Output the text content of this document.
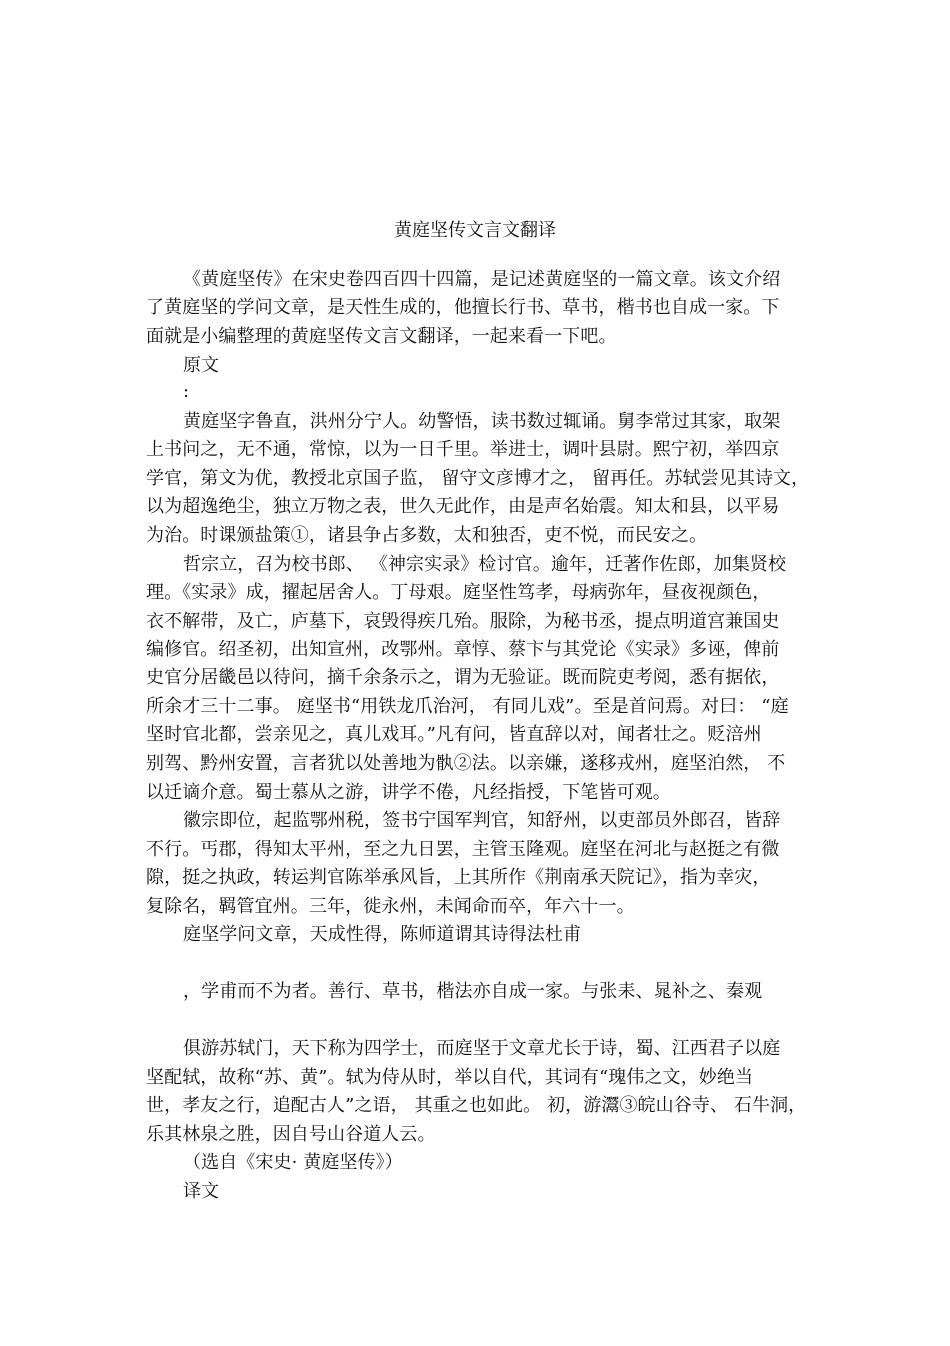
黄庭坚传文言文翻译
《黄庭坚传》在宋史卷四百四十四篇，是记述黄庭坚的一篇文章。该文介绍
了黄庭坚的学问文章，是天性生成的，他擅长行书、草书，楷书也自成一家。下
面就是小编整理的黄庭坚传文言文翻译，一起来看一下吧。
原文
:
黄庭坚字鲁直，洪州分宁人。幼警悟，读书数过辄诵。舅李常过其家，取架
上书问之，无不通，常惊，以为一日千里。举进士，调叶县尉。熙宁初，举四京
学官，第文为优，教授北京国子监， 留守文彦博才之， 留再任。苏轼尝见其诗文，
以为超逸绝尘，独立万物之表，世久无此作，由是声名始震。知太和县，以平易
为治。时课颁盐策①，诸县争占多数，太和独否，吏不悦，而民安之。
哲宗立，召为校书郎、 《神宗实录》检讨官。逾年，迁著作佐郎，加集贤校
理。《实录》成，擢起居舍人。丁母艰。庭坚性笃孝，母病弥年，昼夜视颜色，
衣不解带，及亡，庐墓下，哀毁得疾几殆。服除，为秘书丞，提点明道宫兼国史
编修官。绍圣初，出知宣州，改鄂州。章惇、蔡卞与其党论《实录》多诬，俾前
史官分居畿邑以待问，摘千余条示之，谓为无验证。既而院吏考阅，悉有据依，
所余才三十二事。 庭坚书“用铁龙爪治河， 有同儿戏”。至是首问焉。对曰： “庭
坚时官北都，尝亲见之，真儿戏耳。”凡有问，皆直辞以对，闻者壮之。贬涪州
别驾、黔州安置，言者犹以处善地为骫②法。以亲嫌，遂移戎州，庭坚泊然， 不
以迁谪介意。蜀士慕从之游，讲学不倦，凡经指授，下笔皆可观。
徽宗即位，起监鄂州税，签书宁国军判官，知舒州，以吏部员外郎召，皆辞
不行。丐郡，得知太平州，至之九日罢，主管玉隆观。庭坚在河北与赵挺之有微
隙，挺之执政，转运判官陈举承风旨，上其所作《荆南承天院记》，指为幸灾，
复除名，羁管宜州。三年，徙永州，未闻命而卒，年六十一。
庭坚学问文章，天成性得，陈师道谓其诗得法杜甫
，学甫而不为者。善行、草书，楷法亦自成一家。与张耒、晁补之、秦观
俱游苏轼门，天下称为四学士，而庭坚于文章尤长于诗，蜀、江西君子以庭
坚配轼，故称“苏、黄”。轼为侍从时，举以自代，其词有“瑰伟之文，妙绝当
世，孝友之行，追配古人”之语， 其重之也如此。 初，游灊③皖山谷寺、 石牛洞，
乐其林泉之胜，因自号山谷道人云。
（选自《宋史· 黄庭坚传》）
译文
